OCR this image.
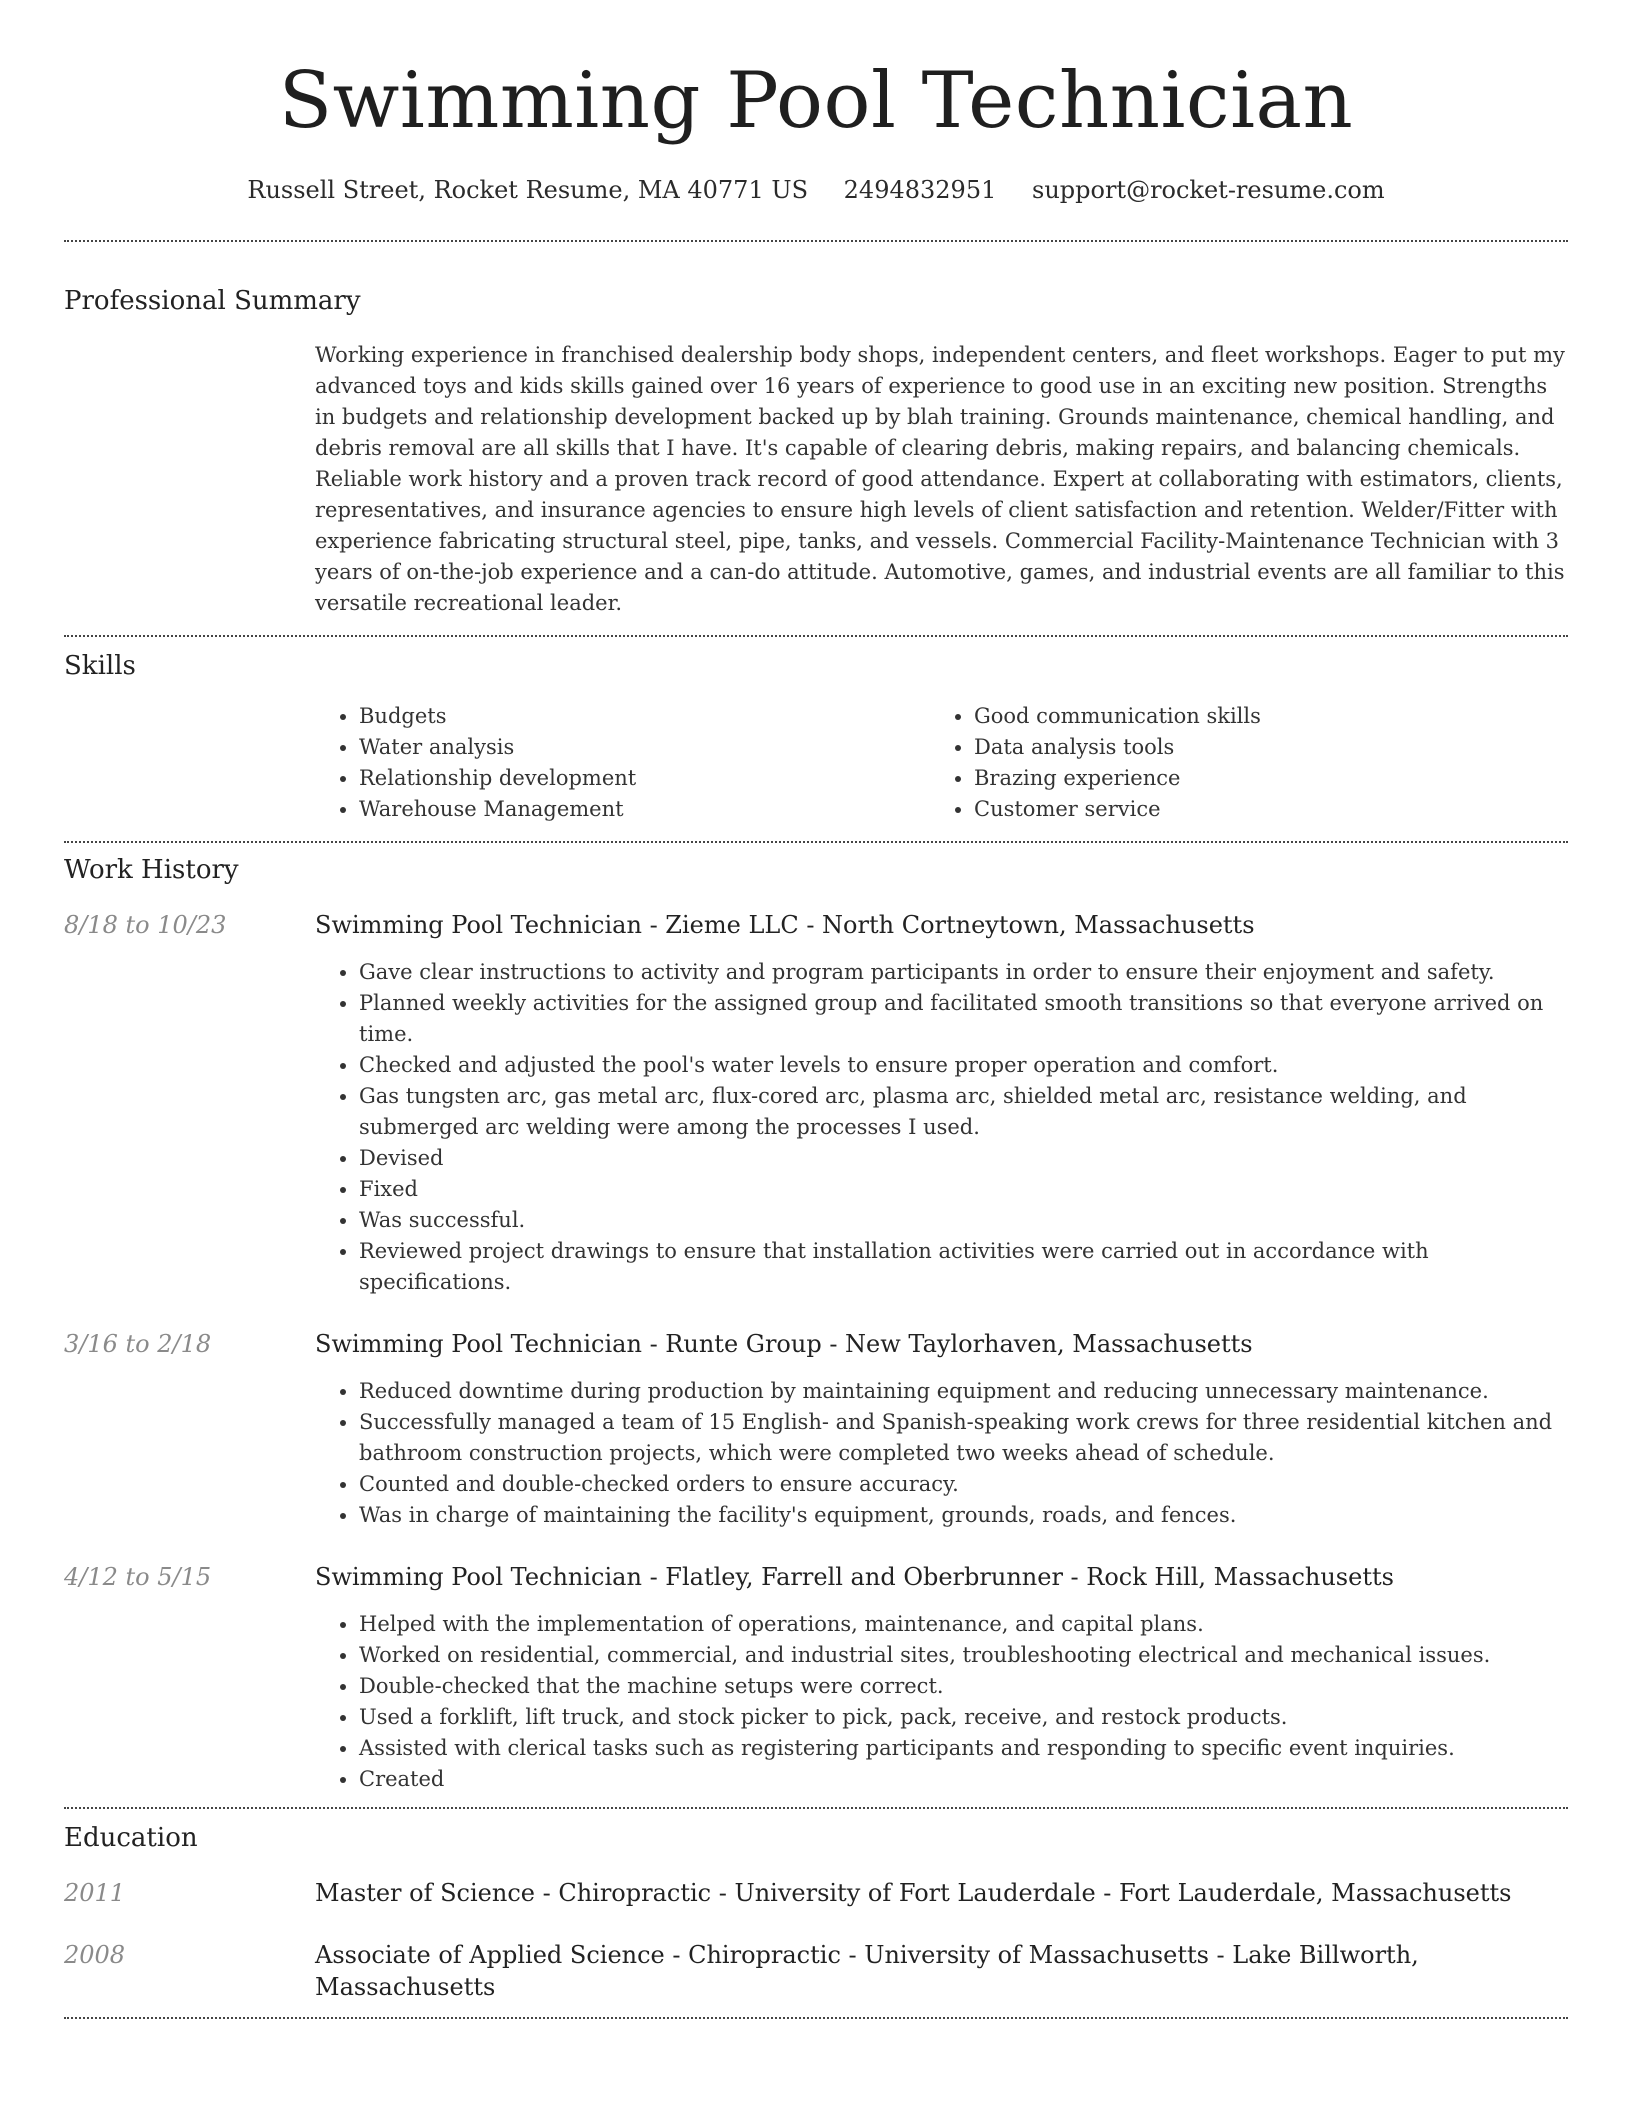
Swimming Pool Technician
Russell Street, Rocket Resume, MA 40771 US 2494832951 support@rocket-resume.com
Professional Summary
Working experience in franchised dealership body shops, independent centers, and fleet workshops. Eager to put my advanced toys and kids skills gained over 16 years of experience to good use in an exciting new position. Strengths in budgets and relationship development backed up by blah training. Grounds maintenance, chemical handling, and debris removal are all skills that I have. It's capable of clearing debris, making repairs, and balancing chemicals. Reliable work history and a proven track record of good attendance. Expert at collaborating with estimators, clients, representatives, and insurance agencies to ensure high levels of client satisfaction and retention. Welder/Fitter with experience fabricating structural steel, pipe, tanks, and vessels. Commercial Facility-Maintenance Technician with 3 years of on-the-job experience and a can-do attitude. Automotive, games, and industrial events are all familiar to this versatile recreational leader.
Skills
• Budgets
• Water analysis
• Relationship development
• Warehouse Management
• Good communication skills
• Data analysis tools
• Brazing experience
• Customer service
Work History
8/18 to 10/23	Swimming Pool Technician - Zieme LLC - North Cortneytown, Massachusetts
• Gave clear instructions to activity and program participants in order to ensure their enjoyment and safety.
• Planned weekly activities for the assigned group and facilitated smooth transitions so that everyone arrived on time.
• Checked and adjusted the pool's water levels to ensure proper operation and comfort.
• Gas tungsten arc, gas metal arc, flux-cored arc, plasma arc, shielded metal arc, resistance welding, and submerged arc welding were among the processes I used.
• Devised
• Fixed
• Was successful.
• Reviewed project drawings to ensure that installation activities were carried out in accordance with specifications.
3/16 to 2/18	Swimming Pool Technician - Runte Group - New Taylorhaven, Massachusetts
• Reduced downtime during production by maintaining equipment and reducing unnecessary maintenance.
• Successfully managed a team of 15 English- and Spanish-speaking work crews for three residential kitchen and bathroom construction projects, which were completed two weeks ahead of schedule.
• Counted and double-checked orders to ensure accuracy.
• Was in charge of maintaining the facility's equipment, grounds, roads, and fences.
4/12 to 5/15	Swimming Pool Technician - Flatley, Farrell and Oberbrunner - Rock Hill, Massachusetts
• Helped with the implementation of operations, maintenance, and capital plans.
• Worked on residential, commercial, and industrial sites, troubleshooting electrical and mechanical issues.
• Double-checked that the machine setups were correct.
• Used a forklift, lift truck, and stock picker to pick, pack, receive, and restock products.
• Assisted with clerical tasks such as registering participants and responding to specific event inquiries.
• Created
Education
2011	Master of Science - Chiropractic - University of Fort Lauderdale - Fort Lauderdale, Massachusetts
2008	Associate of Applied Science - Chiropractic - University of Massachusetts - Lake Billworth, Massachusetts
